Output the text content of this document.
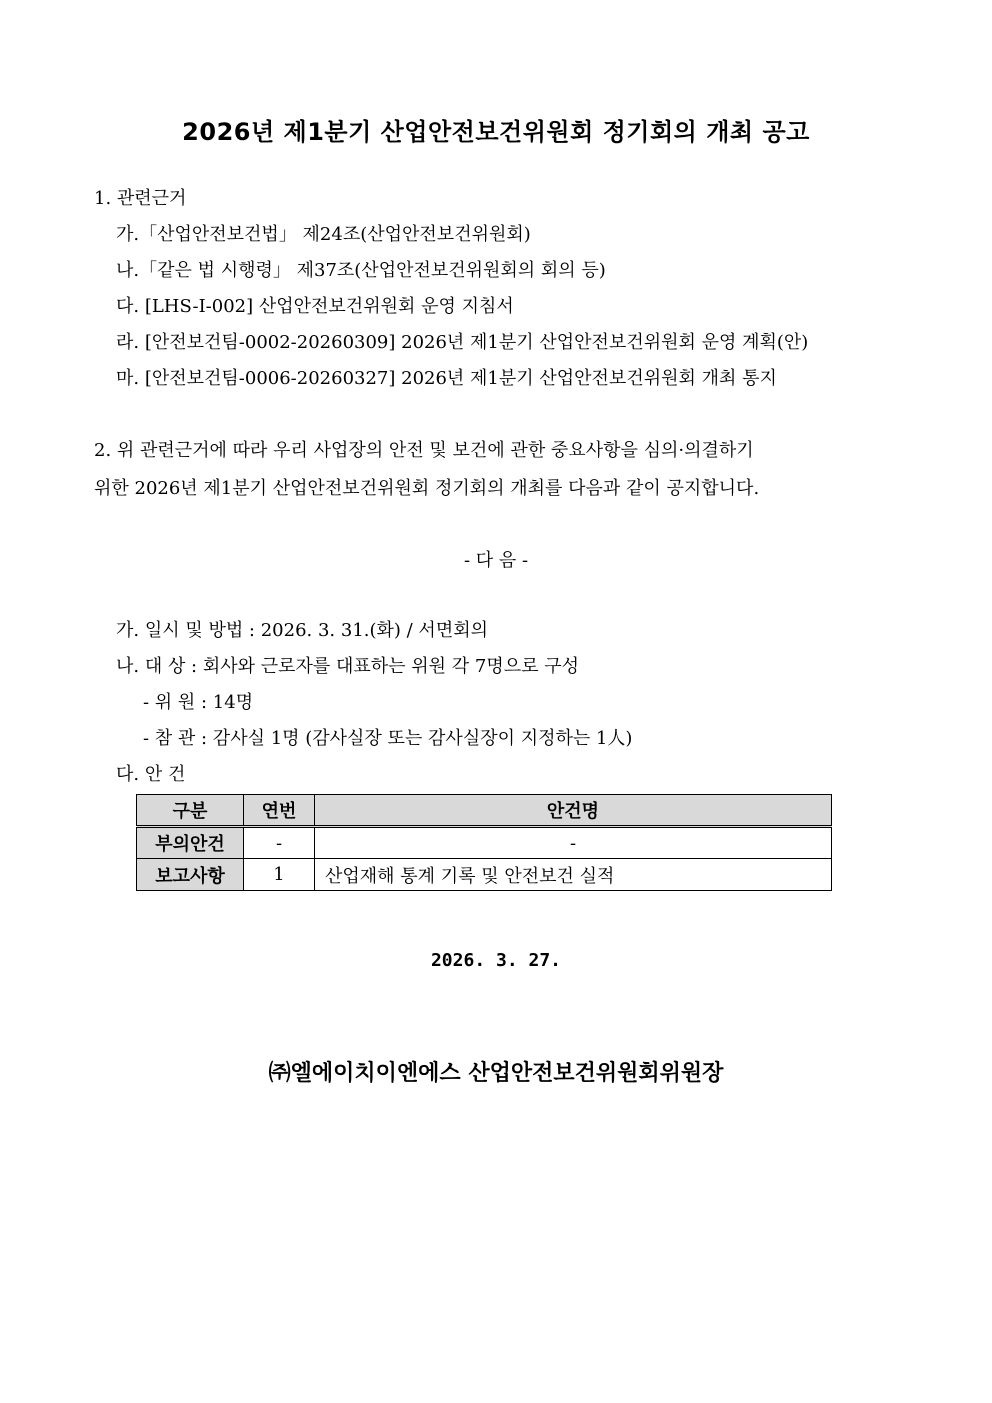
2026년 제1분기 산업안전보건위원회 정기회의 개최 공고
1. 관련근거
가.「산업안전보건법」 제24조(산업안전보건위원회)
나.「같은 법 시행령」 제37조(산업안전보건위원회의 회의 등)
다. [LHS-I-002] 산업안전보건위원회 운영 지침서
라. [안전보건팀-0002-20260309] 2026년 제1분기 산업안전보건위원회 운영 계획(안)
마. [안전보건팀-0006-20260327] 2026년 제1분기 산업안전보건위원회 개최 통지
2. 위 관련근거에 따라 우리 사업장의 안전 및 보건에 관한 중요사항을 심의·의결하기
위한 2026년 제1분기 산업안전보건위원회 정기회의 개최를 다음과 같이 공지합니다.
- 다 음 -
가. 일시 및 방법 : 2026. 3. 31.(화) / 서면회의
나. 대 상 : 회사와 근로자를 대표하는 위원 각 7명으로 구성
- 위 원 : 14명
- 참 관 : 감사실 1명 (감사실장 또는 감사실장이 지정하는 1人)
다. 안 건
구분	연번	안건명
부의안건	-	-
보고사항	1	산업재해 통계 기록 및 안전보건 실적
2026. 3. 27.
㈜엘에이치이엔에스 산업안전보건위원회위원장
